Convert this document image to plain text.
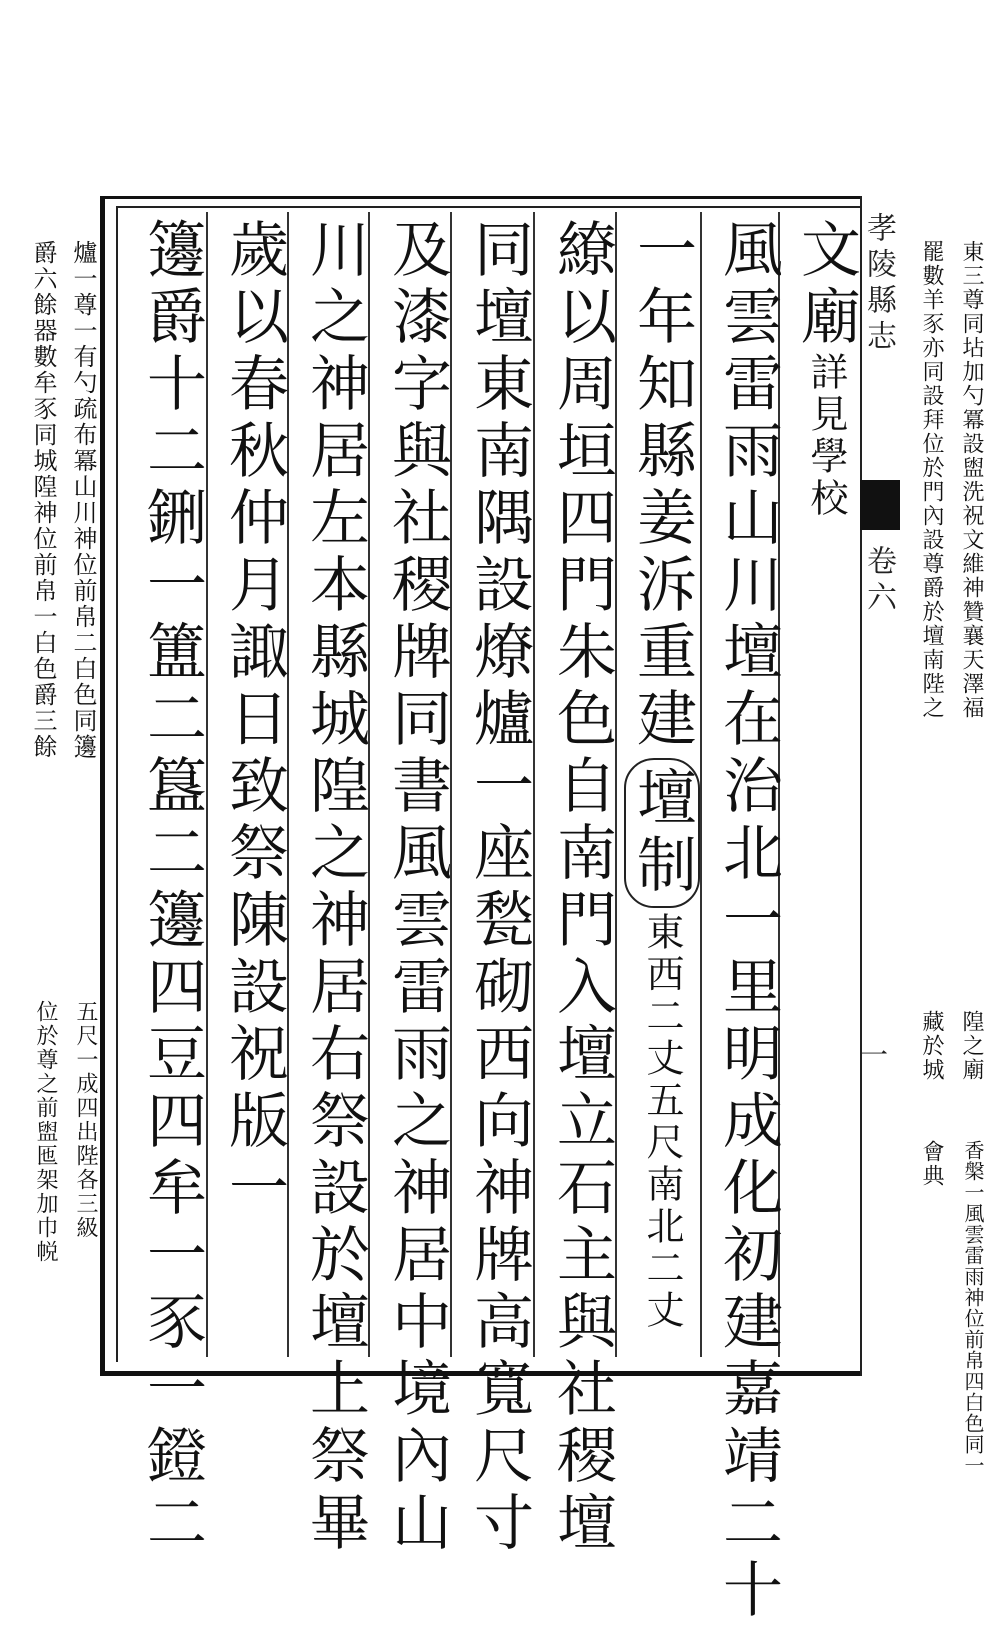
孝陵縣志
卷六
一
文廟詳見學校
風雲雷雨山川壇在治北一里明成化初建嘉靖二十
一年知縣姜泝重建壇制東西二丈五尺南北二丈
繚以周垣四門朱色自南門入壇立石主與社稷壇
同壇東南隅設燎爐一座甃砌西向神牌高寬尺寸
及漆字與社稷牌同書風雲雷雨之神居中境內山
川之神居左本縣城隍之神居右祭設於壇上祭畢
歲以春秋仲月諏日致祭陳設祝版一
籩爵十二鉶一簠二簋二籩四豆四牟一豕一鐙二
爐一尊一有勺疏布冪山川神位前帛二白色同籩
爵六餘器數牟豕同城隍神位前帛一白色爵三餘	罷數羊豕亦同設拜位於門內設尊爵於壇南陛之 東三尊同坫加勺冪設盥洗祝文維神贊襄天澤福
位於尊之前盥匜架加巾帨 五尺一成四出陛各三級	藏於城 隍之廟
會典 香槃一風雲雷雨神位前帛四白色同一
